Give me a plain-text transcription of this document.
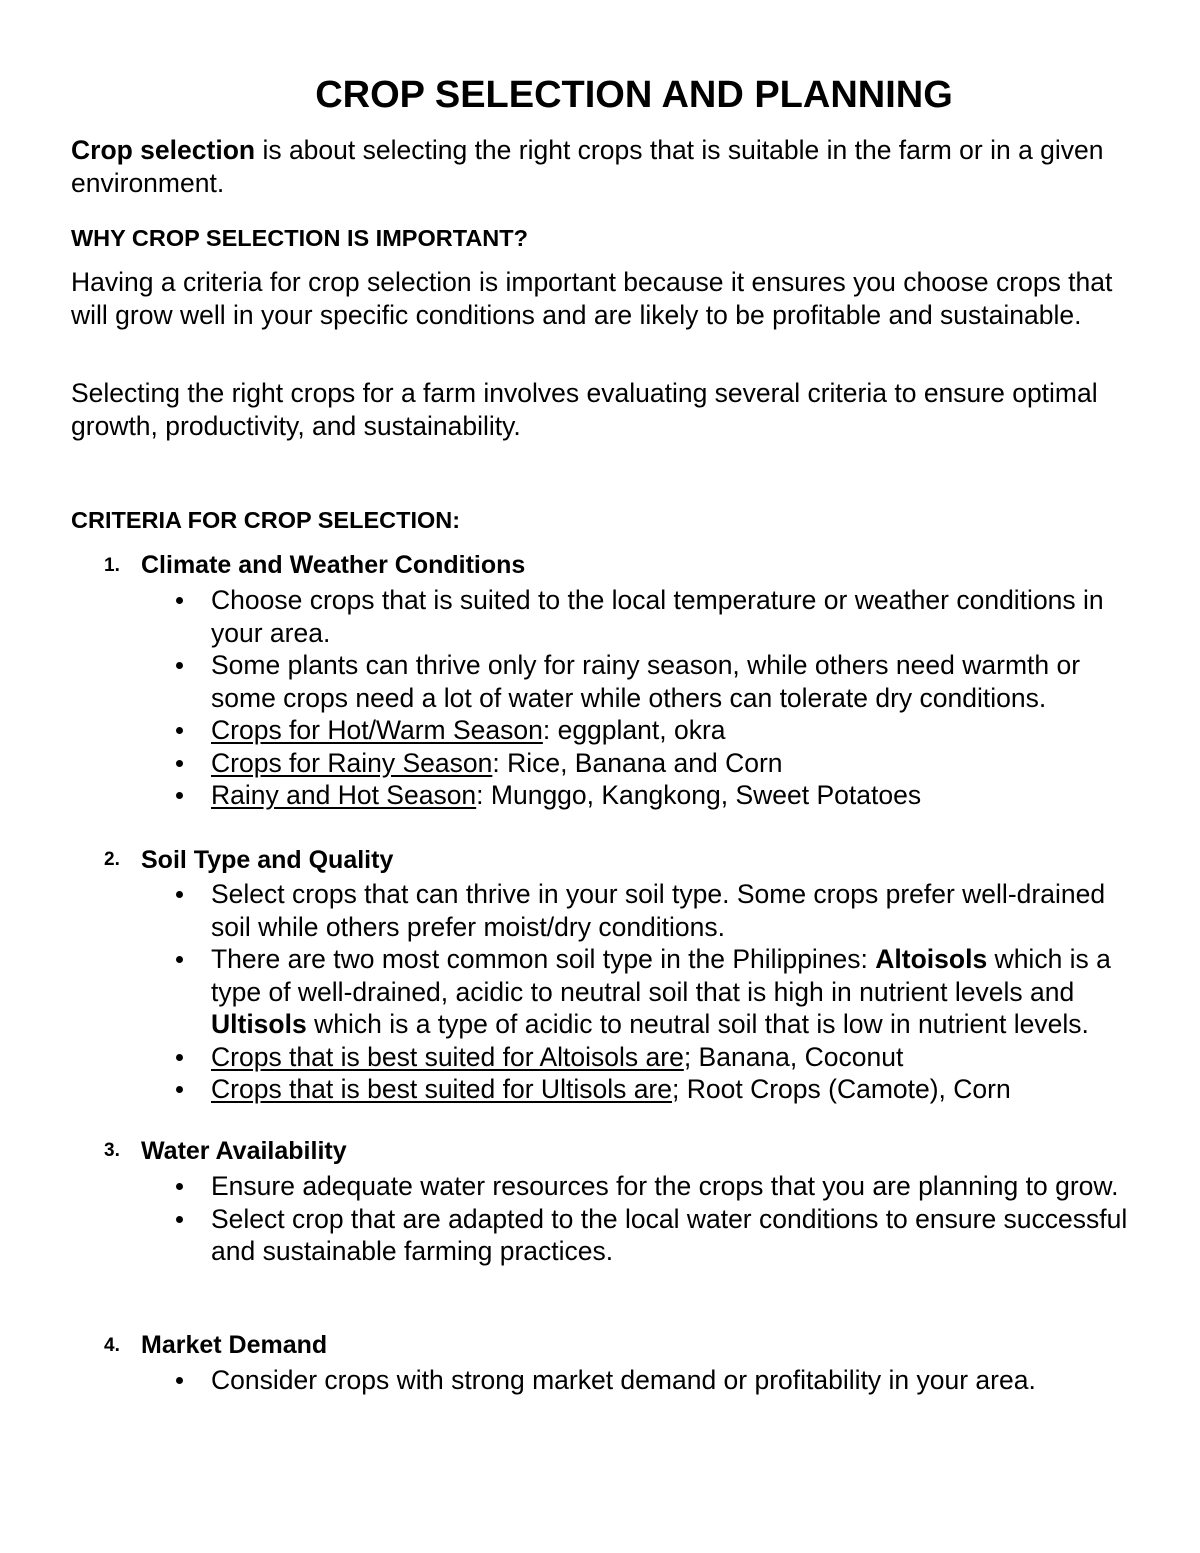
CROP SELECTION AND PLANNING

Crop selection is about selecting the right crops that is suitable in the farm or in a given environment.

WHY CROP SELECTION IS IMPORTANT?

Having a criteria for crop selection is important because it ensures you choose crops that will grow well in your specific conditions and are likely to be profitable and sustainable.

Selecting the right crops for a farm involves evaluating several criteria to ensure optimal growth, productivity, and sustainability.

CRITERIA FOR CROP SELECTION:

1. Climate and Weather Conditions

Choose crops that is suited to the local temperature or weather conditions in your area.
Some plants can thrive only for rainy season, while others need warmth or some crops need a lot of water while others can tolerate dry conditions.
Crops for Hot/Warm Season: eggplant, okra
Crops for Rainy Season: Rice, Banana and Corn
Rainy and Hot Season: Munggo, Kangkong, Sweet Potatoes
2. Soil Type and Quality

Select crops that can thrive in your soil type. Some crops prefer well-drained soil while others prefer moist/dry conditions.
There are two most common soil type in the Philippines: Altoisols which is a type of well-drained, acidic to neutral soil that is high in nutrient levels and Ultisols which is a type of acidic to neutral soil that is low in nutrient levels.
Crops that is best suited for Altoisols are; Banana, Coconut
Crops that is best suited for Ultisols are; Root Crops (Camote), Corn
3. Water Availability

Ensure adequate water resources for the crops that you are planning to grow.
Select crop that are adapted to the local water conditions to ensure successful and sustainable farming practices.
4. Market Demand

Consider crops with strong market demand or profitability in your area.
